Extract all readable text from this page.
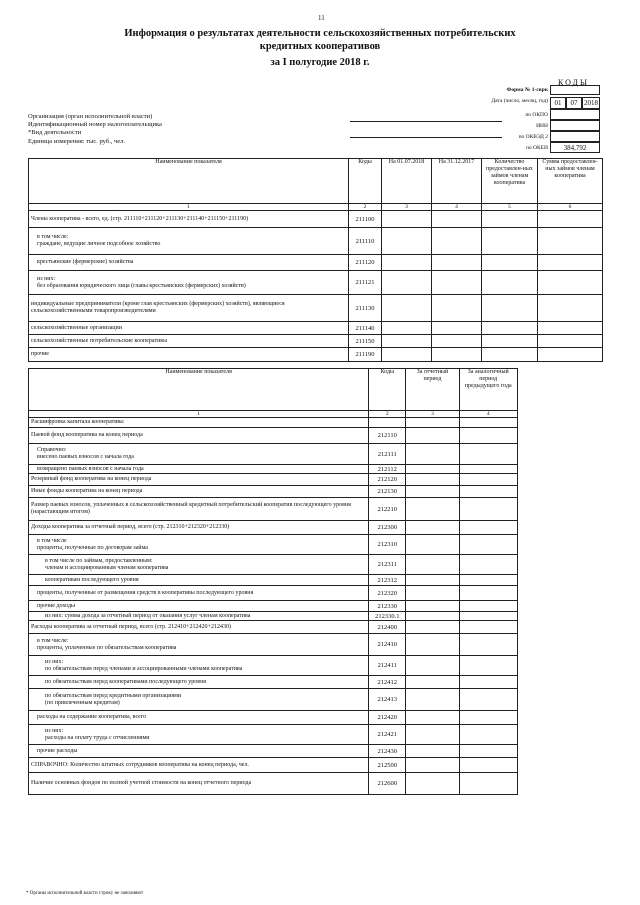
11
Информация о результатах деятельности сельскохозяйственных потребительских
кредитных кооперативов
за I полугодие 2018 г.
КОДЫ
Форма № 1-сврк
Дата (число, месяц, год) 01	07 2018
по ОКПО
ИНН
по ОКВЭД 2
по ОКЕИ	384,792
Организация (орган исполнительной власти)
Идентификационный номер налогоплательщика
*Вид деятельности
Единица измерения: тыс. руб., чел.
Наименование показателя	Коды	На 01.07.2018	На 31.12.2017	Количество предоставлен-ных займов членам кооператива	Сумма предоставлен-ных займов членам кооператива
1	2	3	4	5	6
Члены кооператива - всего, ед. (стр. 211110+211120+211130+211140+211150+211190)	211100				
в том числе:
граждане, ведущие личное подсобное хозяйство	211110				
крестьянские (фермерские) хозяйства	211120				
из них:
без образования юридического лица (главы крестьянских (фермерских) хозяйств)	211121				
индивидуальные предприниматели (кроме глав крестьянских (фермерских) хозяйств), являющиеся сельскохозяйственными товаропроизводителями	211130				
сельскохозяйственные организации	211140				
сельскохозяйственные потребительские кооперативы	211150				
прочие	211190				
Наименование показателя	Коды	За отчетный период	За аналогичный период предыдущего года
1	2	3	4
Расшифровка капитала кооператива:			
Паевой фонд кооператива на конец периода	212110		
Справочно:
внесено паевых взносов с начала года	212111		
возвращено паевых взносов с начала года	212112		
Резервный фонд кооператива на конец периода	212120		
Иные фонды кооператива на конец периода	212130		
Размер паевых взносов, уплаченных в сельскохозяйственный кредитный потребительский кооператив последующего уровня (нарастающим итогом)	212210		
Доходы кооператива за отчетный период, всего (стр. 212310+212320+212330)	212300		
в том числе
проценты, полученные по договорам займа	212310		
в том числе по займам, предоставленным:
членам и ассоциированным членам кооператива	212311		
кооперативам последующего уровня	212312		
проценты, полученные от размещения средств в кооперативы последующего уровня	212320		
прочие доходы	212330		
из них: сумма дохода за отчетный период от оказания услуг членам кооператива	212330.1		
Расходы кооператива за отчетный период, всего (стр. 212410+212420+212430)	212400		
в том числе:
проценты, уплаченные по обязательствам кооператива	212410		
из них:
по обязательствам перед членами и ассоциированными членами кооператива	212411		
по обязательствам перед кооперативами последующего уровня	212412		
по обязательствам перед кредитными организациями
(по привлеченным кредитам)	212413		
расходы на содержание кооператива, всего	212420		
из них:
расходы на оплату труда с отчислениями	212421		
прочие расходы	212430		
СПРАВОЧНО: Количество штатных сотрудников кооператива на конец периода, чел.	212500		
Наличие основных фондов по полной учетной стоимости на конец отчетного периода	212600		
* Органы исполнительной власти строку не заполняют
